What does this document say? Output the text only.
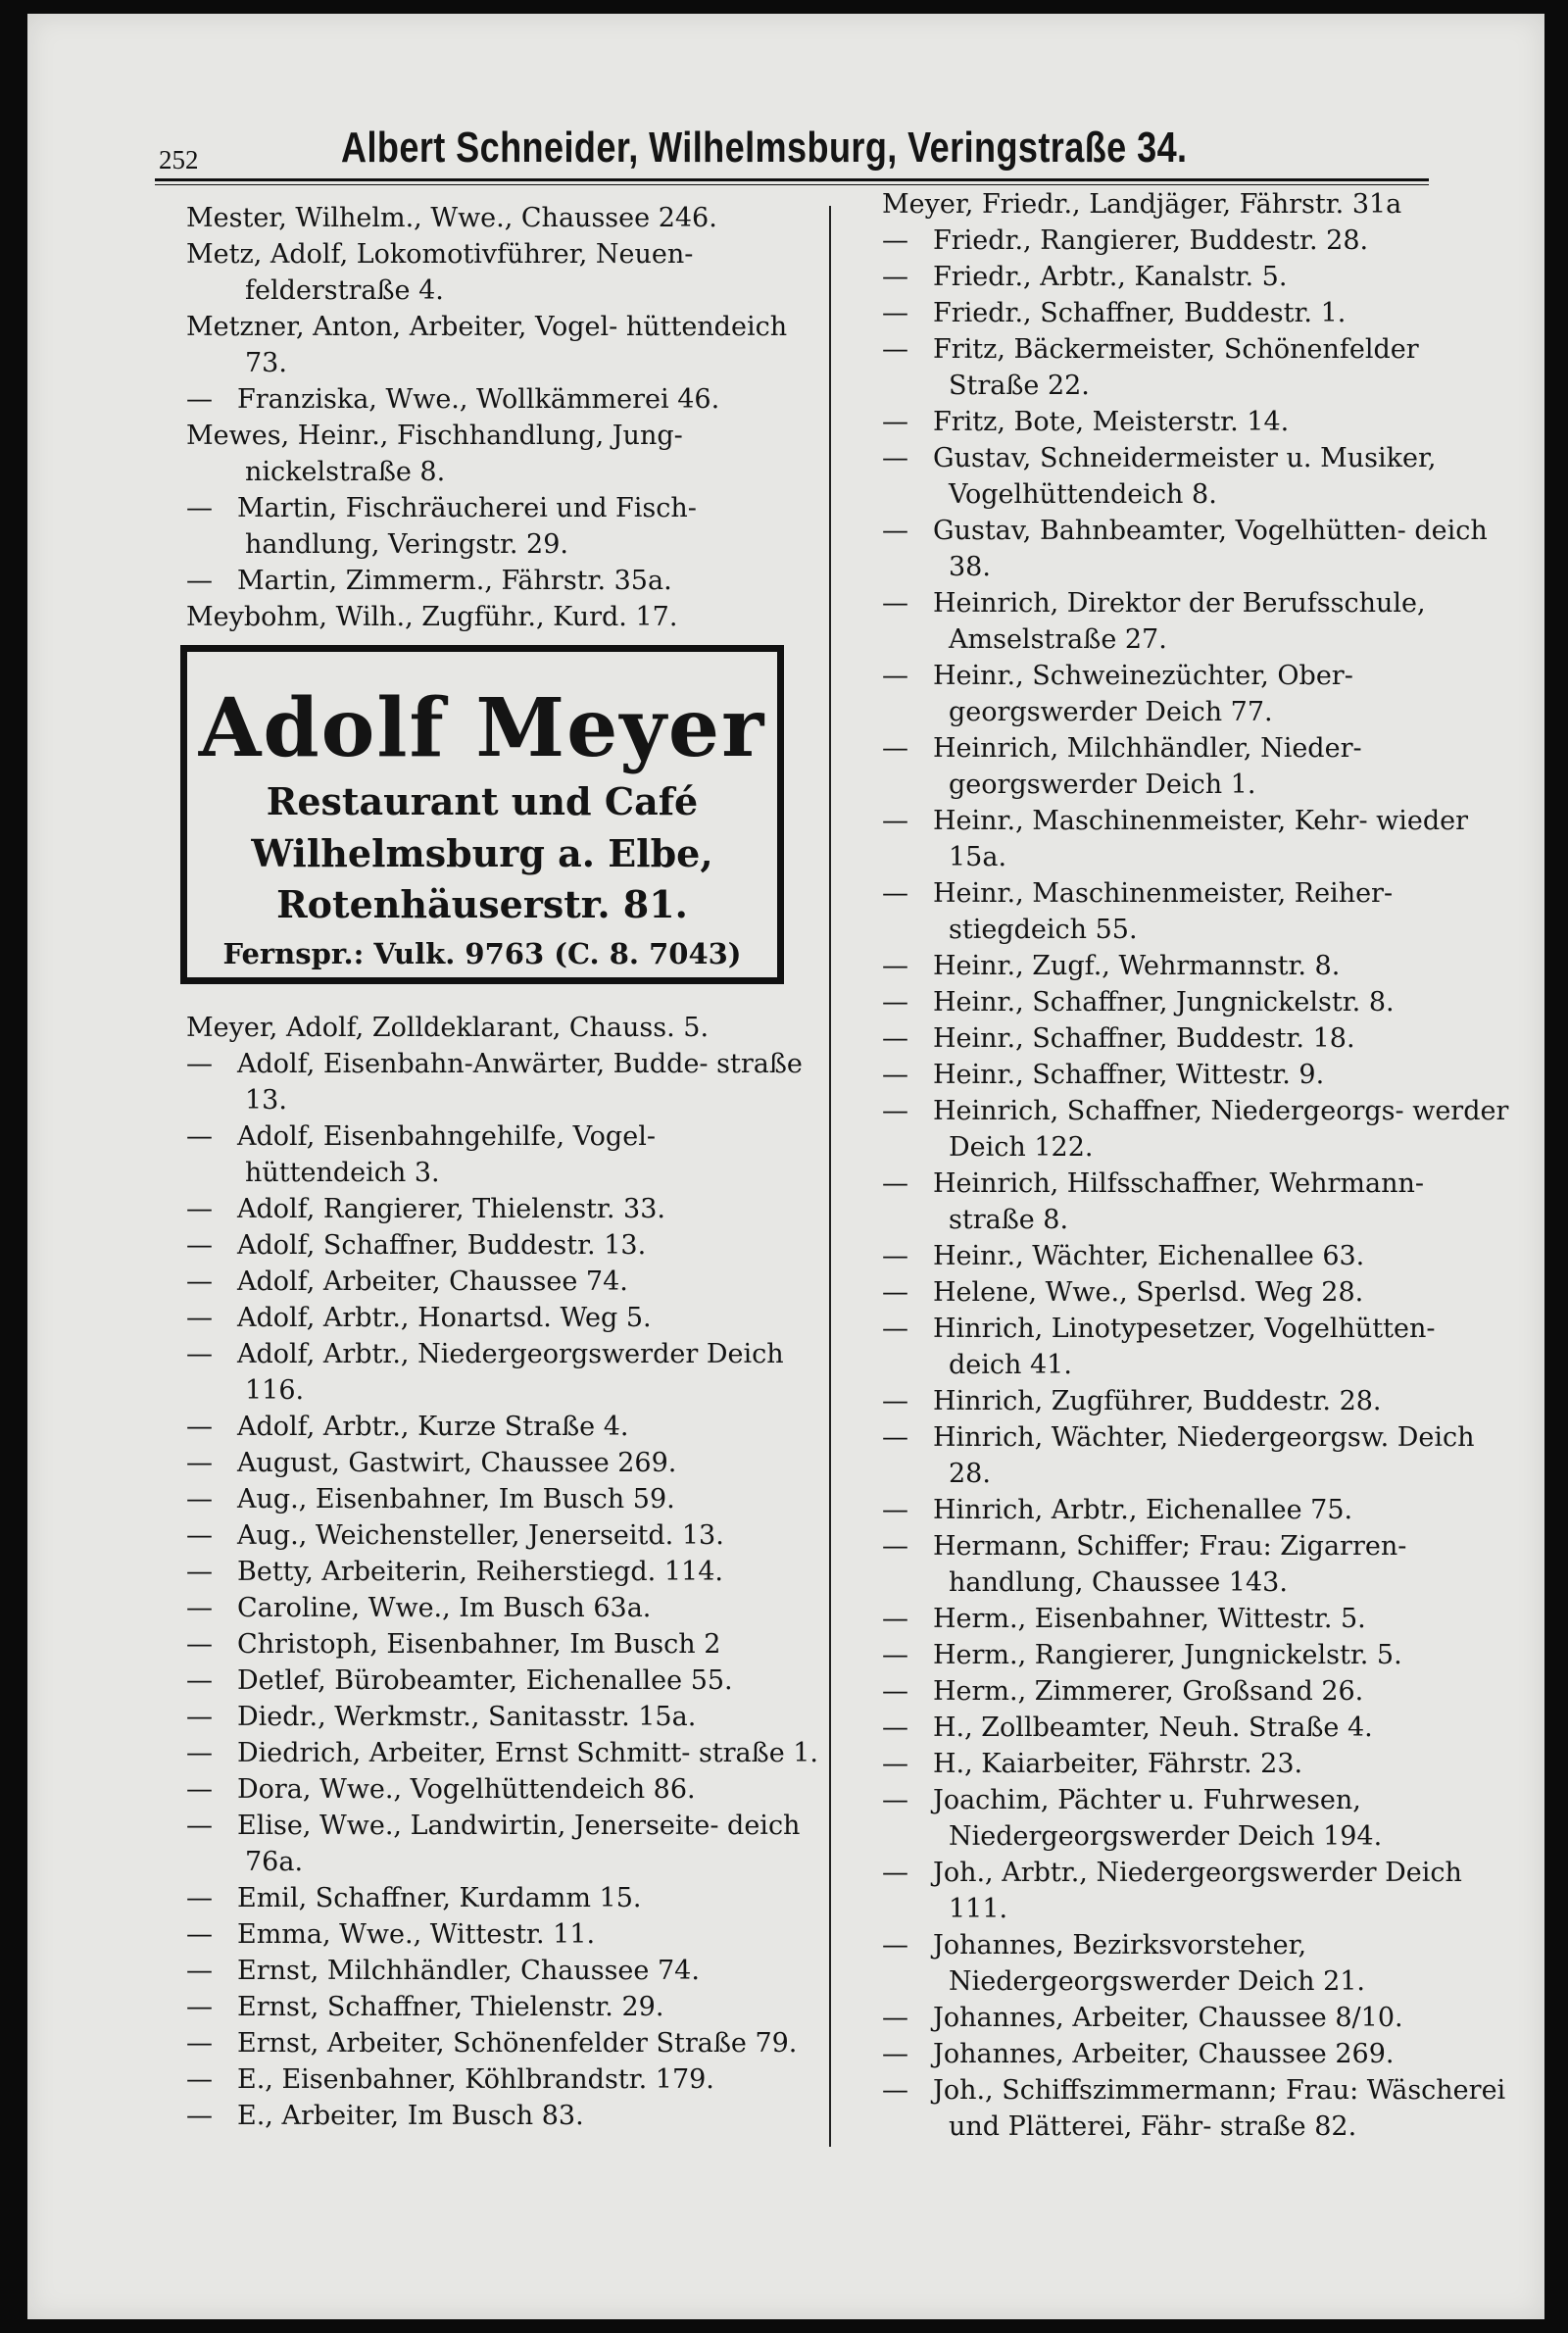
252	Albert Schneider, Wilhelmsburg, Veringstraße 34.
Mester, Wilhelm., Wwe., Chaussee 246.
Metz, Adolf, Lokomotivführer, Neuen- felderstraße 4.
Metzner, Anton, Arbeiter, Vogel- hüttendeich 73.
— Franziska, Wwe., Wollkämmerei 46.
Mewes, Heinr., Fischhandlung, Jung- nickelstraße 8.
— Martin, Fischräucherei und Fisch- handlung, Veringstr. 29.
— Martin, Zimmerm., Fährstr. 35a.
Meybohm, Wilh., Zugführ., Kurd. 17.
Adolf Meyer
Restaurant und Café
Wilhelmsburg a. Elbe,
Rotenhäuserstr. 81.
Fernspr.: Vulk. 9763 (C. 8. 7043)
Meyer, Adolf, Zolldeklarant, Chauss. 5.
— Adolf, Eisenbahn-Anwärter, Budde- straße 13.
— Adolf, Eisenbahngehilfe, Vogel- hüttendeich 3.
— Adolf, Rangierer, Thielenstr. 33.
— Adolf, Schaffner, Buddestr. 13.
— Adolf, Arbeiter, Chaussee 74.
— Adolf, Arbtr., Honartsd. Weg 5.
— Adolf, Arbtr., Niedergeorgswerder Deich 116.
— Adolf, Arbtr., Kurze Straße 4.
— August, Gastwirt, Chaussee 269.
— Aug., Eisenbahner, Im Busch 59.
— Aug., Weichensteller, Jenerseitd. 13.
— Betty, Arbeiterin, Reiherstiegd. 114.
— Caroline, Wwe., Im Busch 63a.
— Christoph, Eisenbahner, Im Busch 2
— Detlef, Bürobeamter, Eichenallee 55.
— Diedr., Werkmstr., Sanitasstr. 15a.
— Diedrich, Arbeiter, Ernst Schmitt- straße 1.
— Dora, Wwe., Vogelhüttendeich 86.
— Elise, Wwe., Landwirtin, Jenerseite- deich 76a.
— Emil, Schaffner, Kurdamm 15.
— Emma, Wwe., Wittestr. 11.
— Ernst, Milchhändler, Chaussee 74.
— Ernst, Schaffner, Thielenstr. 29.
— Ernst, Arbeiter, Schönenfelder Straße 79.
— E., Eisenbahner, Köhlbrandstr. 179.
— E., Arbeiter, Im Busch 83.
Meyer, Friedr., Landjäger, Fährstr. 31a
— Friedr., Rangierer, Buddestr. 28.
— Friedr., Arbtr., Kanalstr. 5.
— Friedr., Schaffner, Buddestr. 1.
— Fritz, Bäckermeister, Schönenfelder Straße 22.
— Fritz, Bote, Meisterstr. 14.
— Gustav, Schneidermeister u. Musiker, Vogelhüttendeich 8.
— Gustav, Bahnbeamter, Vogelhütten- deich 38.
— Heinrich, Direktor der Berufsschule, Amselstraße 27.
— Heinr., Schweinezüchter, Ober- georgswerder Deich 77.
— Heinrich, Milchhändler, Nieder- georgswerder Deich 1.
— Heinr., Maschinenmeister, Kehr- wieder 15a.
— Heinr., Maschinenmeister, Reiher- stiegdeich 55.
— Heinr., Zugf., Wehrmannstr. 8.
— Heinr., Schaffner, Jungnickelstr. 8.
— Heinr., Schaffner, Buddestr. 18.
— Heinr., Schaffner, Wittestr. 9.
— Heinrich, Schaffner, Niedergeorgs- werder Deich 122.
— Heinrich, Hilfsschaffner, Wehrmann- straße 8.
— Heinr., Wächter, Eichenallee 63.
— Helene, Wwe., Sperlsd. Weg 28.
— Hinrich, Linotypesetzer, Vogelhütten- deich 41.
— Hinrich, Zugführer, Buddestr. 28.
— Hinrich, Wächter, Niedergeorgsw. Deich 28.
— Hinrich, Arbtr., Eichenallee 75.
— Hermann, Schiffer; Frau: Zigarren- handlung, Chaussee 143.
— Herm., Eisenbahner, Wittestr. 5.
— Herm., Rangierer, Jungnickelstr. 5.
— Herm., Zimmerer, Großsand 26.
— H., Zollbeamter, Neuh. Straße 4.
— H., Kaiarbeiter, Fährstr. 23.
— Joachim, Pächter u. Fuhrwesen, Niedergeorgswerder Deich 194.
— Joh., Arbtr., Niedergeorgswerder Deich 111.
— Johannes, Bezirksvorsteher, Niedergeorgswerder Deich 21.
— Johannes, Arbeiter, Chaussee 8/10.
— Johannes, Arbeiter, Chaussee 269.
— Joh., Schiffszimmermann; Frau: Wäscherei und Plätterei, Fähr- straße 82.
